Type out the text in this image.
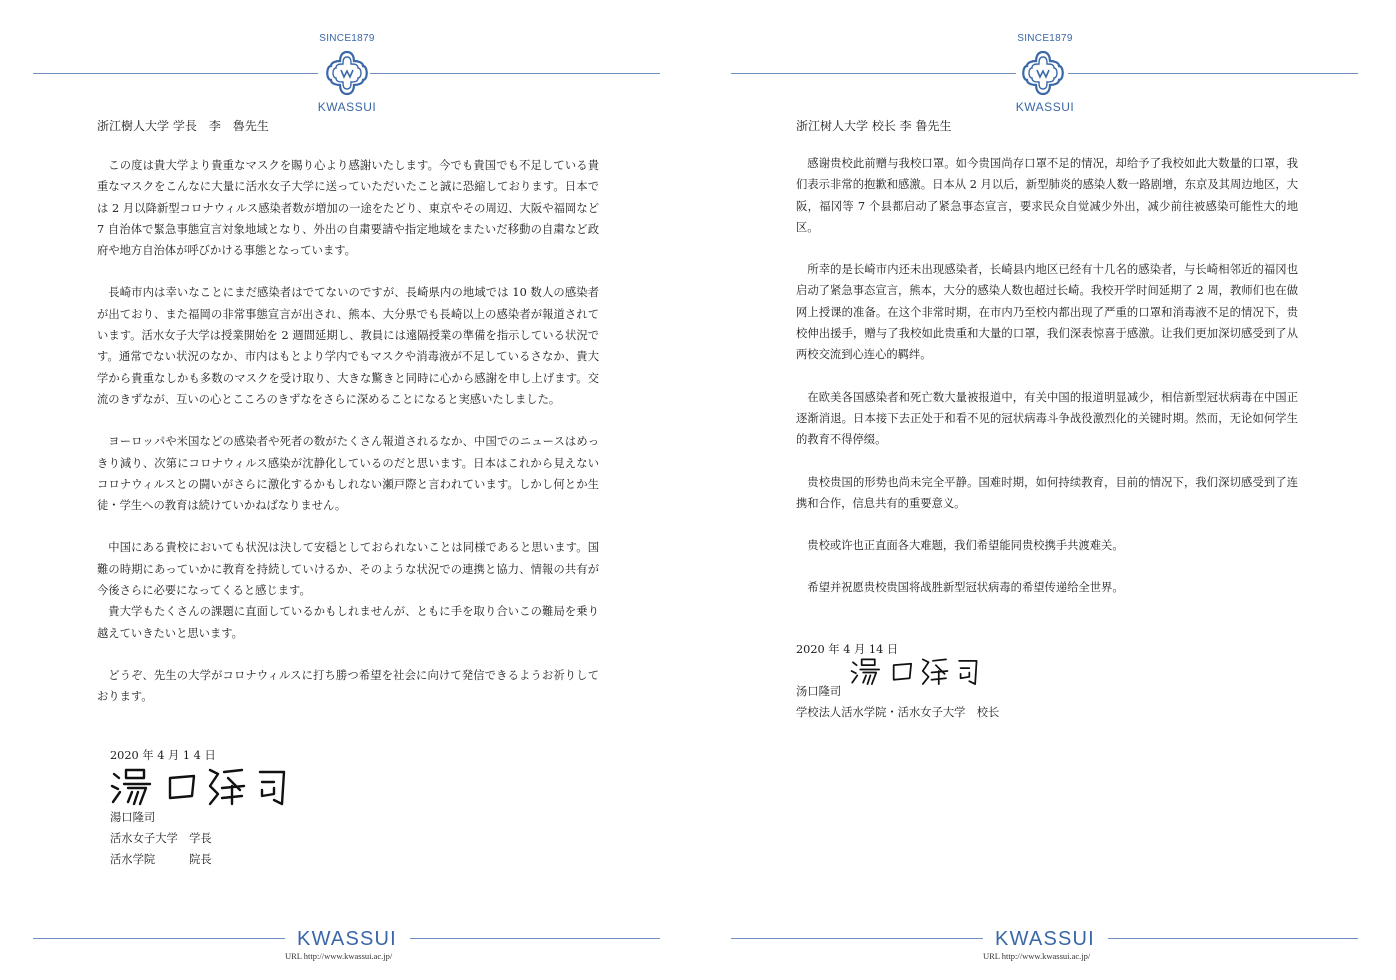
SINCE1879
KWASSUI
浙江樹人大学 学長　李　魯先生

この度は貴大学より貴重なマスクを賜り心より感謝いたします。今でも貴国でも不足している貴重なマスクをこんなに大量に活水女子大学に送っていただいたこと誠に恐縮しております。日本では 2 月以降新型コロナウィルス感染者数が増加の一途をたどり、東京やその周辺、大阪や福岡など 7 自治体で緊急事態宣言対象地域となり、外出の自粛要請や指定地域をまたいだ移動の自粛など政府や地方自治体が呼びかける事態となっています。

長崎市内は幸いなことにまだ感染者はでてないのですが、長崎県内の地域では 10 数人の感染者が出ており、また福岡の非常事態宣言が出され、熊本、大分県でも長崎以上の感染者が報道されています。活水女子大学は授業開始を 2 週間延期し、教員には遠隔授業の準備を指示している状況です。通常でない状況のなか、市内はもとより学内でもマスクや消毒液が不足しているさなか、貴大学から貴重なしかも多数のマスクを受け取り、大きな驚きと同時に心から感謝を申し上げます。交流のきずなが、互いの心とこころのきずなをさらに深めることになると実感いたしました。

ヨーロッパや米国などの感染者や死者の数がたくさん報道されるなか、中国でのニュースはめっきり減り、次第にコロナウィルス感染が沈静化しているのだと思います。日本はこれから見えないコロナウィルスとの闘いがさらに激化するかもしれない瀬戸際と言われています。しかし何とか生徒・学生への教育は続けていかねばなりません。

中国にある貴校においても状況は決して安穏としておられないことは同様であると思います。国難の時期にあっていかに教育を持続していけるか、そのような状況での連携と協力、情報の共有が今後さらに必要になってくると感じます。

貴大学もたくさんの課題に直面しているかもしれませんが、ともに手を取り合いこの難局を乗り越えていきたいと思います。

どうぞ、先生の大学がコロナウィルスに打ち勝つ希望を社会に向けて発信できるようお祈りしております。

2020 年 4 月 1 4 日
湯口隆司
活水女子大学　学長
活水学院　　　院長
KWASSUI
URL http://www.kwassui.ac.jp/
SINCE1879
KWASSUI
浙江树人大学 校长 李 鲁先生

感谢贵校此前赠与我校口罩。如今贵国尚存口罩不足的情况，却给予了我校如此大数量的口罩，我们表示非常的抱歉和感激。日本从 2 月以后，新型肺炎的感染人数一路剧增，东京及其周边地区，大阪，福冈等 7 个县都启动了紧急事态宣言，要求民众自觉减少外出，减少前往被感染可能性大的地区。

所幸的是长崎市内还未出现感染者，长崎县内地区已经有十几名的感染者，与长崎相邻近的福冈也启动了紧急事态宣言，熊本，大分的感染人数也超过长崎。我校开学时间延期了 2 周，教师们也在做网上授课的准备。在这个非常时期，在市内乃至校内都出现了严重的口罩和消毒液不足的情况下，贵校伸出援手，赠与了我校如此贵重和大量的口罩，我们深表惊喜于感激。让我们更加深切感受到了从两校交流到心连心的羁绊。

在欧美各国感染者和死亡数大量被报道中，有关中国的报道明显减少，相信新型冠状病毒在中国正逐渐消退。日本接下去正处于和看不见的冠状病毒斗争战役激烈化的关键时期。然而，无论如何学生的教育不得停缀。

贵校贵国的形势也尚未完全平静。国难时期，如何持续教育，目前的情况下，我们深切感受到了连携和合作，信息共有的重要意义。

贵校或许也正直面各大难题，我们希望能同贵校携手共渡难关。

希望并祝愿贵校贵国将战胜新型冠状病毒的希望传递给全世界。

2020 年 4 月 14 日
汤口隆司
学校法人活水学院・活水女子大学　校长
KWASSUI
URL http://www.kwassui.ac.jp/
